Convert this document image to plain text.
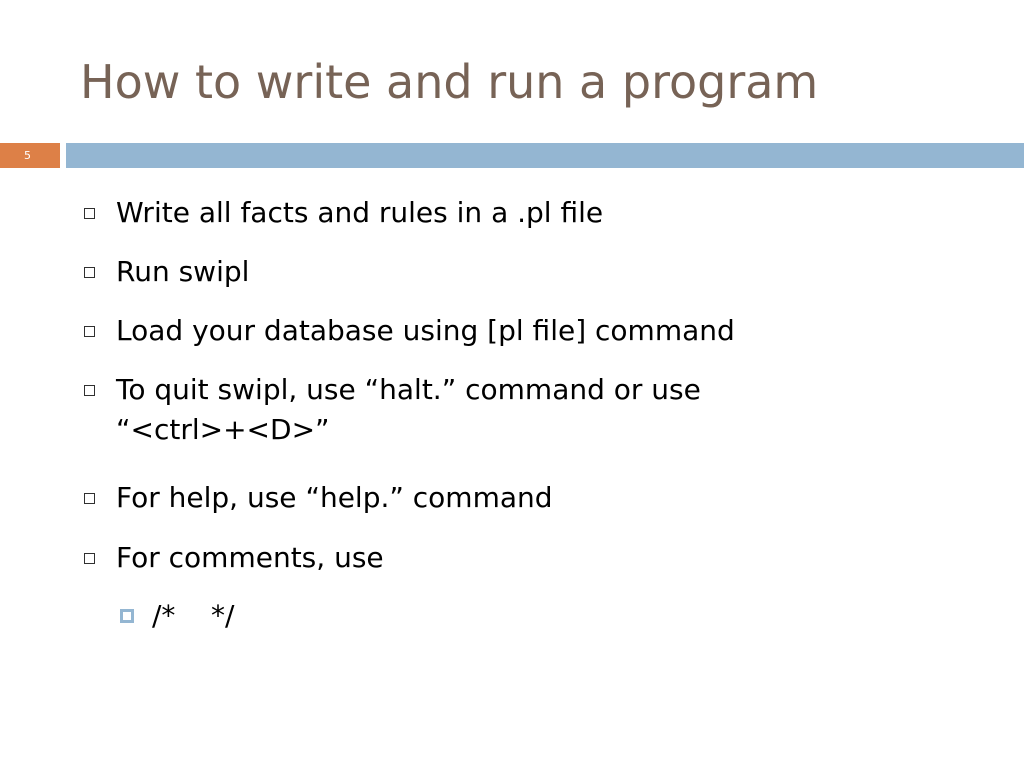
How to write and run a program
5
Write all facts and rules in a .pl file
Run swipl
Load your database using [pl file] command
To quit swipl, use “halt.” command or use
“<ctrl>+<D>”
For help, use “help.” command
For comments, use
/*    */
